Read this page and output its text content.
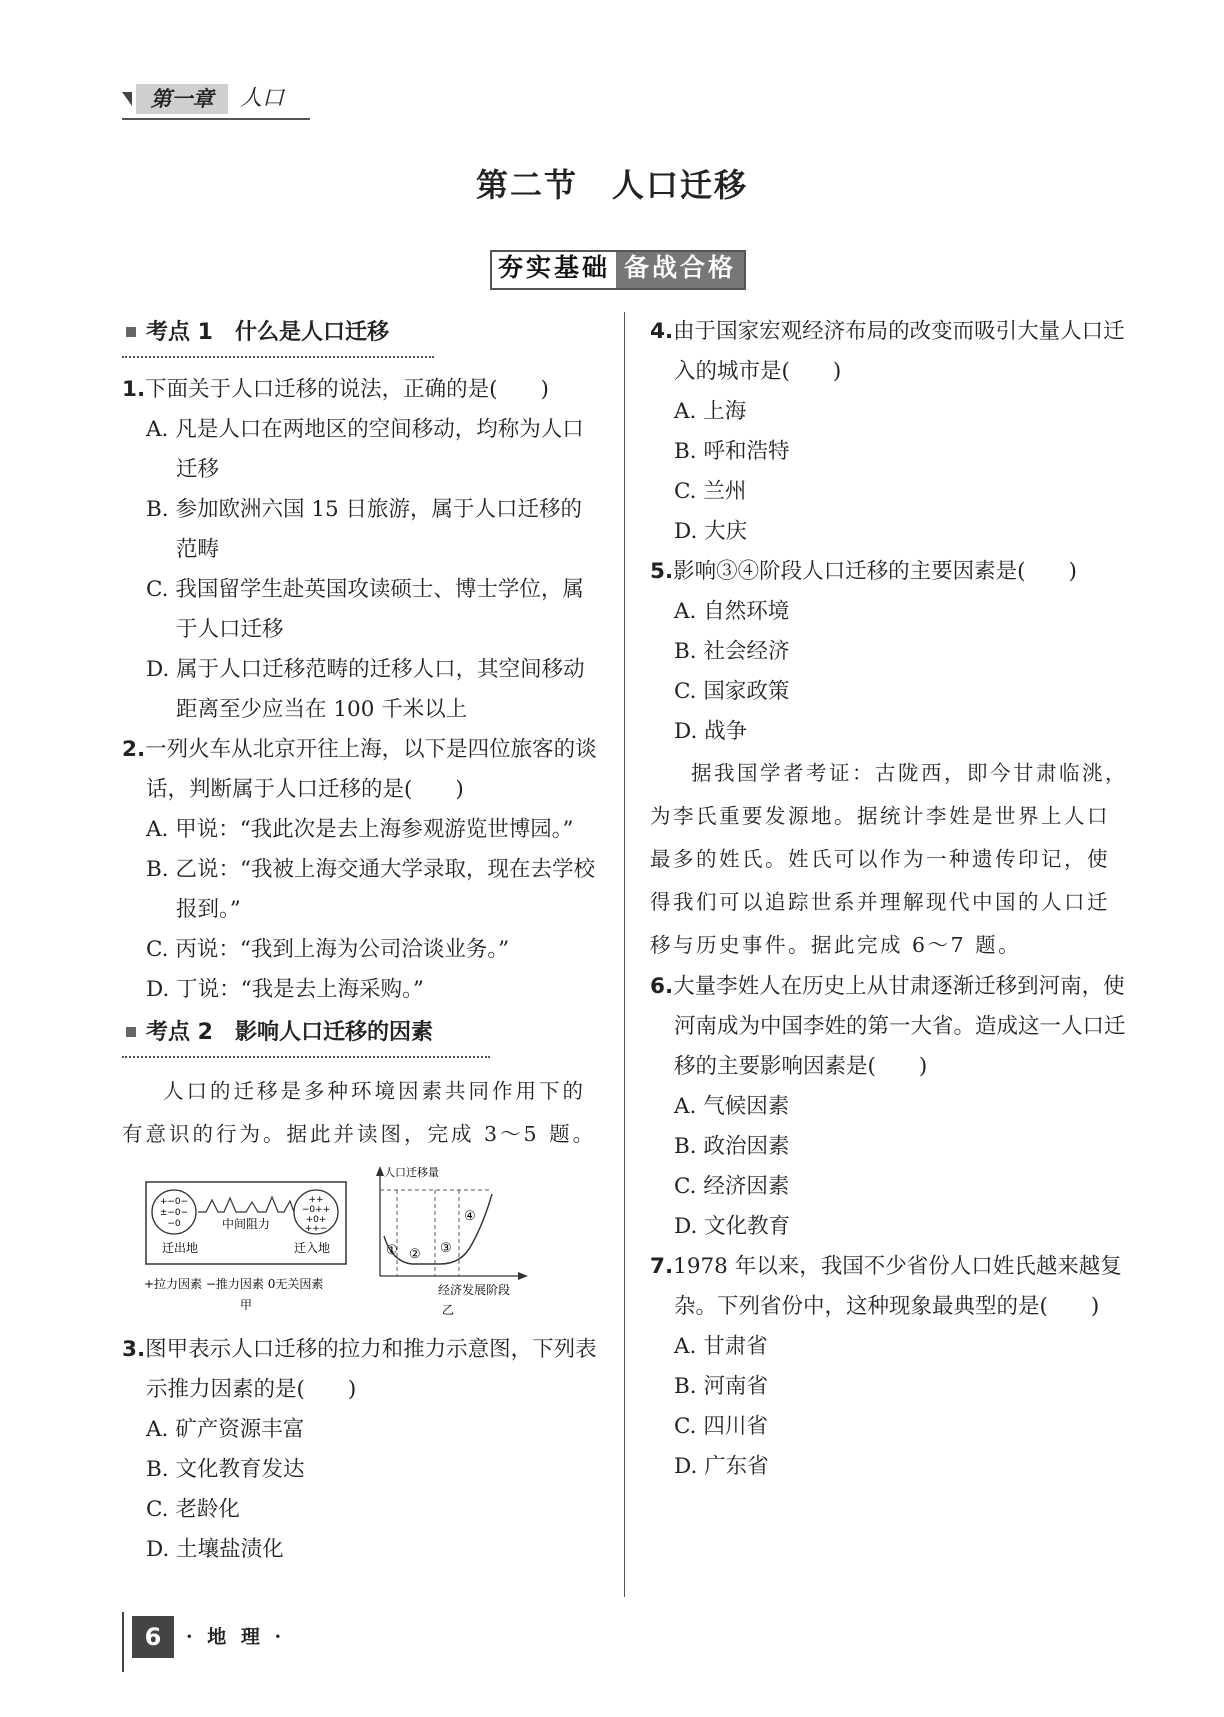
第一章	人口
第二节　人口迁移
夯实基础 备战合格
考点 1　什么是人口迁移
1.下面关于人口迁移的说法，正确的是(　　)
A. 凡是人口在两地区的空间移动，均称为人口迁移
B. 参加欧洲六国 15 日旅游，属于人口迁移的范畴
C. 我国留学生赴英国攻读硕士、博士学位，属于人口迁移
D. 属于人口迁移范畴的迁移人口，其空间移动距离至少应当在 100 千米以上
2.一列火车从北京开往上海，以下是四位旅客的谈话，判断属于人口迁移的是(　　)
A. 甲说：“我此次是去上海参观游览世博园。”
B. 乙说：“我被上海交通大学录取，现在去学校报到。”
C. 丙说：“我到上海为公司洽谈业务。”
D. 丁说：“我是去上海采购。”
考点 2　影响人口迁移的因素
人口的迁移是多种环境因素共同作用下的有意识的行为。据此并读图，完成 3～5 题。
+−0−
±−0−
−0
++
−0++
+0+
++−
中间阻力
迁出地	迁入地
+拉力因素 −推力因素 0无关因素
甲
人口迁移量
① ② ③
④
经济发展阶段
乙
3.图甲表示人口迁移的拉力和推力示意图，下列表示推力因素的是(　　)
A. 矿产资源丰富
B. 文化教育发达
C. 老龄化
D. 土壤盐渍化
4.由于国家宏观经济布局的改变而吸引大量人口迁入的城市是(　　)
A. 上海
B. 呼和浩特
C. 兰州
D. 大庆
5.影响③④阶段人口迁移的主要因素是(　　)
A. 自然环境
B. 社会经济
C. 国家政策
D. 战争
据我国学者考证：古陇西，即今甘肃临洮，为李氏重要发源地。据统计李姓是世界上人口最多的姓氏。姓氏可以作为一种遗传印记，使得我们可以追踪世系并理解现代中国的人口迁移与历史事件。据此完成 6～7 题。
6.大量李姓人在历史上从甘肃逐渐迁移到河南，使河南成为中国李姓的第一大省。造成这一人口迁移的主要影响因素是(　　)
A. 气候因素
B. 政治因素
C. 经济因素
D. 文化教育
7.1978 年以来，我国不少省份人口姓氏越来越复杂。下列省份中，这种现象最典型的是(　　)
A. 甘肃省
B. 河南省
C. 四川省
D. 广东省
6	· 地 理 ·
